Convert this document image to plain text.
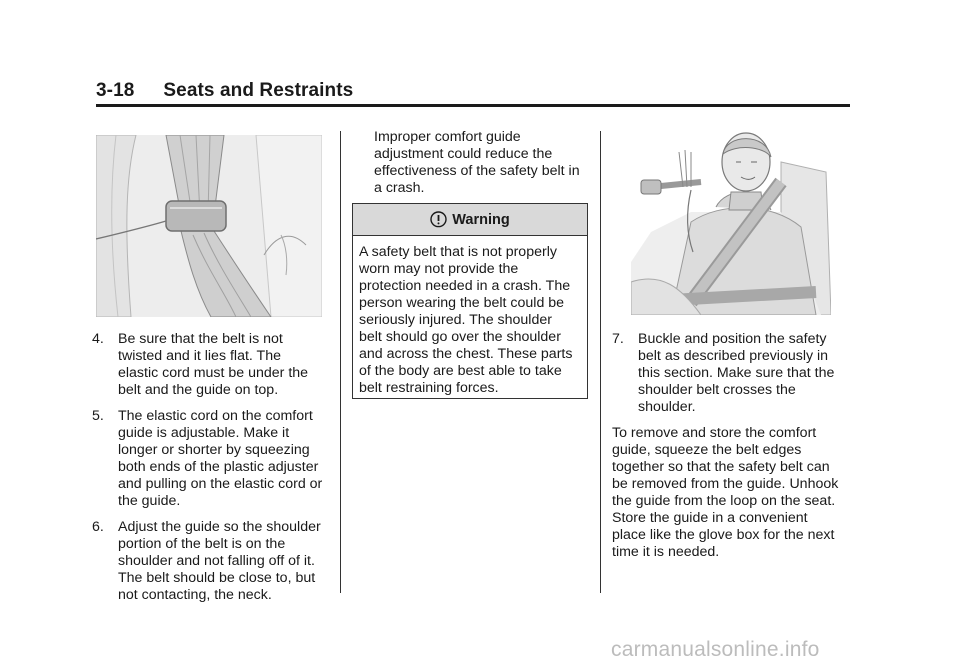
3-18 Seats and Restraints
4. Be sure that the belt is not
twisted and it lies flat. The
elastic cord must be under the
belt and the guide on top.
5. The elastic cord on the comfort
guide is adjustable. Make it
longer or shorter by squeezing
both ends of the plastic adjuster
and pulling on the elastic cord or
the guide.
6. Adjust the guide so the shoulder
portion of the belt is on the
shoulder and not falling off of it.
The belt should be close to, but
not contacting, the neck.
Improper comfort guide
adjustment could reduce the
effectiveness of the safety belt in
a crash.
Warning
A safety belt that is not properly
worn may not provide the
protection needed in a crash. The
person wearing the belt could be
seriously injured. The shoulder
belt should go over the shoulder
and across the chest. These parts
of the body are best able to take
belt restraining forces.
7. Buckle and position the safety
belt as described previously in
this section. Make sure that the
shoulder belt crosses the
shoulder.
To remove and store the comfort
guide, squeeze the belt edges
together so that the safety belt can
be removed from the guide. Unhook
the guide from the loop on the seat.
Store the guide in a convenient
place like the glove box for the next
time it is needed.
carmanualsonline.info
